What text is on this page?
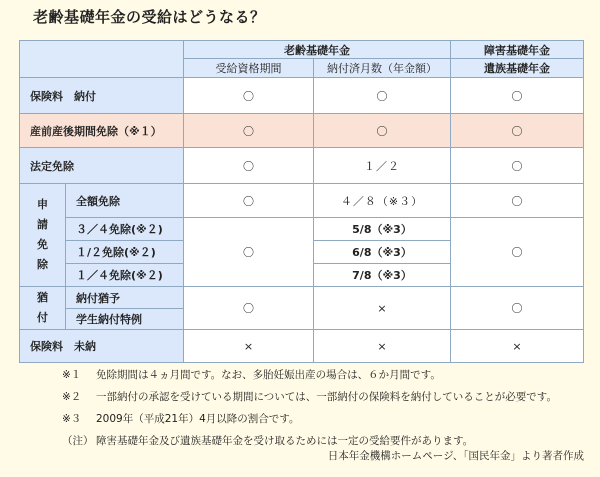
老齢基礎年金の受給はどうなる？
		老齢基礎年金		障害基礎年金
		受給資格期間	納付済月数（年金額）	遺族基礎年金
保険料　納付		〇	〇	〇
産前産後期間免除（※１）		〇	〇	〇
法定免除		〇	１／２	〇

申
請
免
除	全額免除	〇	４／８（※３）	〇
	３／４免除(※２)	〇	5/8（※3）	〇
	１/２免除(※２)		6/8（※3）	
	１／４免除(※２)		7/8（※3）	

猶
付	納付猶予	〇	×	〇
	学生納付特例			
保険料　未納		×	×	×
※１ 免除期間は４ヵ月間です。なお、多胎妊娠出産の場合は、６か月間です。
※２ 一部納付の承認を受けている期間については、一部納付の保険料を納付していることが必要です。
※３ 2009年（平成21年）4月以降の割合です。
（注） 障害基礎年金及び遺族基礎年金を受け取るためには一定の受給要件があります。
日本年金機構ホームページ、「国民年金」より著者作成
